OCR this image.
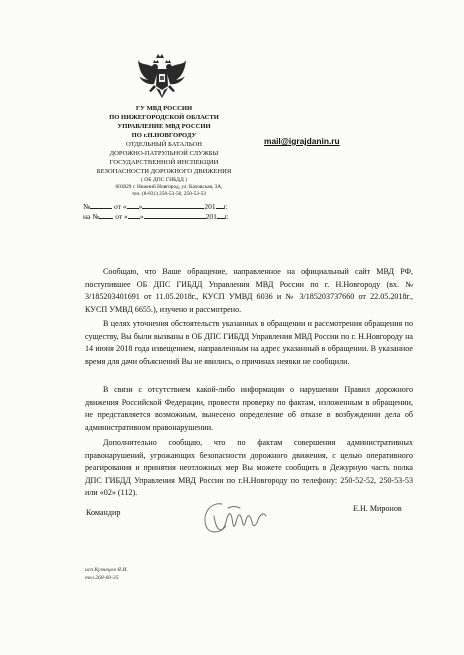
ГУ МВД РОССИИ
ПО НИЖЕГОРОДСКОЙ ОБЛАСТИ
УПРАВЛЕНИЕ МВД РОССИИ
ПО г.Н.НОВГОРОДУ
ОТДЕЛЬНЫЙ БАТАЛЬОН
ДОРОЖНО-ПАТРУЛЬНОЙ СЛУЖБЫ
ГОСУДАРСТВЕННОЙ ИНСПЕКЦИИ
БЕЗОПАСНОСТИ ДОРОЖНОГО ДВИЖЕНИЯ
( ОБ ДПС ГИБДД )
603029 г. Нижний Новгород, ул. Каховская, 3А,
тел. (8-831) 250-53-50, 250-53-53
№	от « »	201 г.
на № от « »	201 г.
mail@igrajdanin.ru

Сообщаю, что Ваше обращение, направленное на официальный сайт МВД РФ, поступившее ОБ ДПС ГИБДД Управления МВД России по г. Н.Новгороду (вх. № 3/185203401691 от 11.05.2018г., КУСП УМВД 6036 и № 3/185203737660 от 22.05.2018г., КУСП УМВД 6655.), изучено и рассмотрено.

В целях уточнения обстоятельств указанных в обращении и рассмотрения обращения по существу, Вы были вызваны в ОБ ДПС ГИБДД Управления МВД России по г. Н.Новгороду на 14 июня 2018 года извещением, направленным на адрес указанный в обращении. В указанное время для дачи объяснений Вы не явились, о причинах неявки не сообщили.

В связи с отсутствием какой-либо информации о нарушении Правил дорожного движения Российской Федерации, провести проверку по фактам, изложенным в обращении, не представляется возможным, вынесено определение об отказе в возбуждении дела об административном правонарушении.

Дополнительно сообщаю, что по фактам совершения административных правонарушений, угрожающих безопасности дорожного движения, с целью оперативного реагирования и принятия неотложных мер Вы можете сообщить в Дежурную часть полка ДПС ГИБДД Управления МВД России по г.Н.Новгороду по телефону: 250-52-52, 250-53-53 или «02» (112).

Командир	Е.Н. Миронов
исп.Кузнецов Я.И.
тел.268-60-35
